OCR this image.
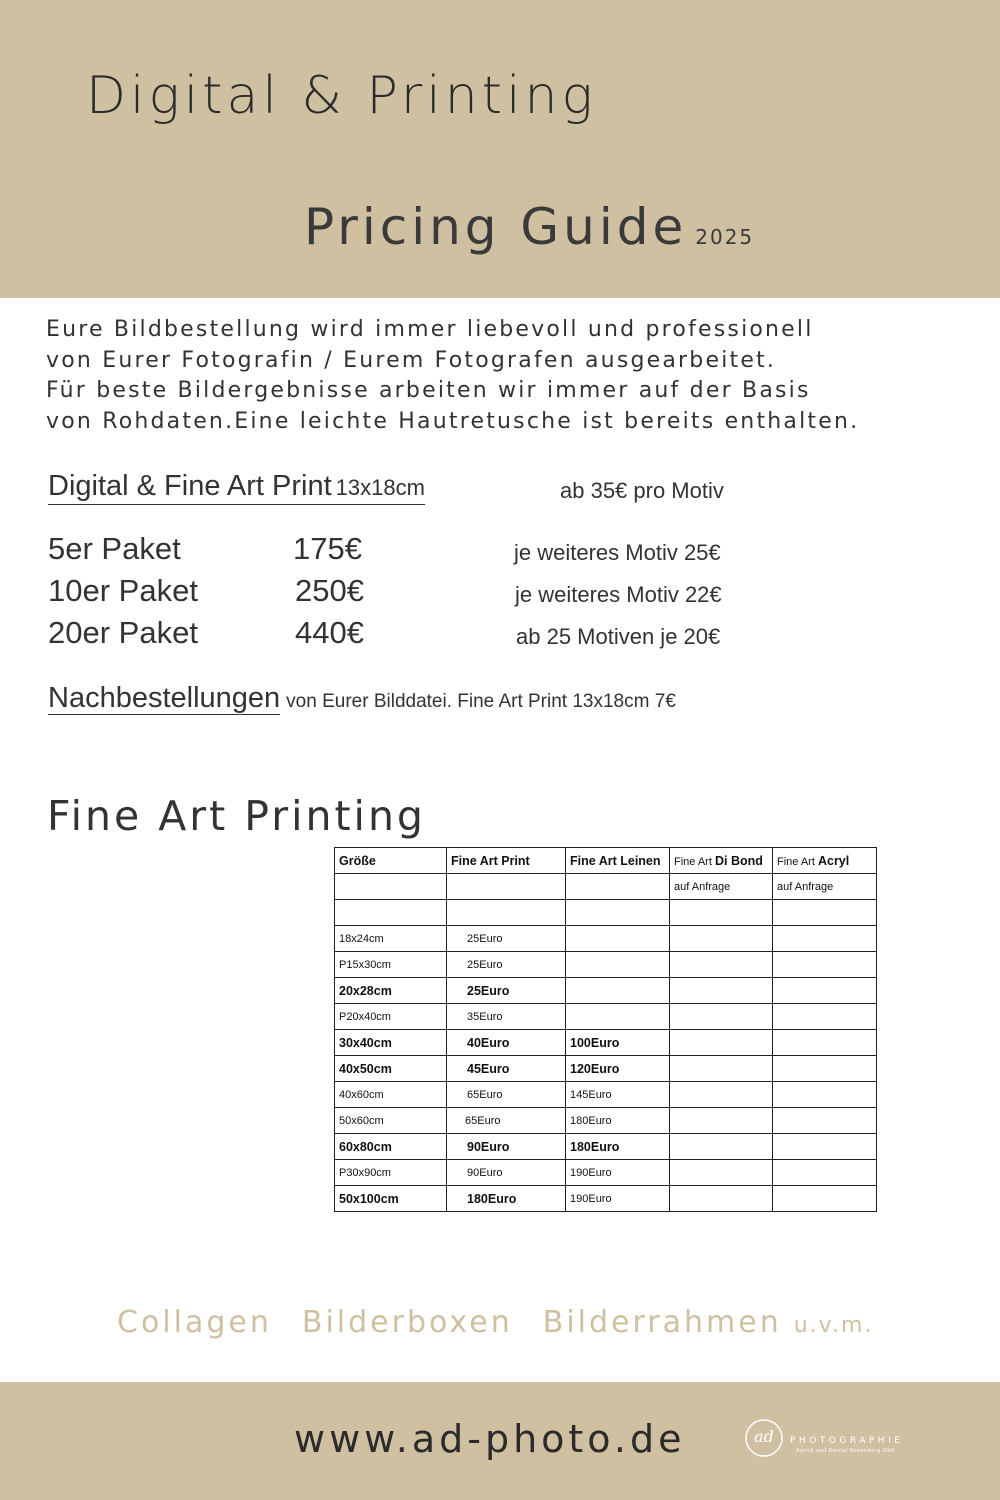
Digital & Printing
Pricing Guide 2025
Eure Bildbestellung wird immer liebevoll und professionell
von Eurer Fotografin / Eurem Fotografen ausgearbeitet.
Für beste Bildergebnisse arbeiten wir immer auf der Basis
von Rohdaten.Eine leichte Hautretusche ist bereits enthalten.
Digital & Fine Art Print 13x18cm	ab 35€ pro Motiv
5er Paket	175€	je weiteres Motiv 25€
10er Paket	250€	je weiteres Motiv 22€
20er Paket	440€	ab 25 Motiven je 20€
Nachbestellungen von Eurer Bilddatei. Fine Art Print 13x18cm 7€
Fine Art Printing
Größe	Fine Art Print	Fine Art Leinen	Fine Art Di Bond	Fine Art Acryl
			auf Anfrage	auf Anfrage

18x24cm	25Euro			
P15x30cm	25Euro			
20x28cm	25Euro			
P20x40cm	35Euro			
30x40cm	40Euro	100Euro		
40x50cm	45Euro	120Euro		
40x60cm	65Euro	145Euro		
50x60cm	65Euro	180Euro		
60x80cm	90Euro	180Euro		
P30x90cm	90Euro	190Euro		
50x100cm	180Euro	190Euro		
Collagen Bilderboxen Bilderrahmen u.v.m.
www.ad-photo.de	ad PHOTOGRAPHIE
Astrid und Daniel Rosenberg GbR
